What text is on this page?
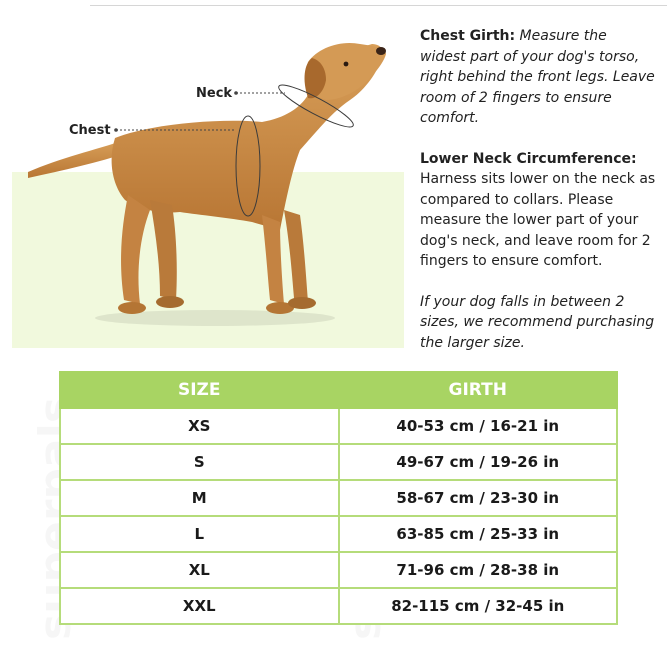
Neck
Chest

Chest Girth: Measure the widest part of your dog's torso, right behind the front legs. Leave room of 2 fingers to ensure comfort.

Lower Neck Circumference:
Harness sits lower on the neck as compared to collars. Please measure the lower part of your dog's neck, and leave room for 2 fingers to ensure comfort.

If your dog falls in between 2 sizes, we recommend purchasing the larger size.

SIZE	GIRTH
XS	40-53 cm / 16-21 in
S	49-67 cm / 19-26 in
M	58-67 cm / 23-30 in
L	63-85 cm / 25-33 in
XL	71-96 cm / 28-38 in
XXL	82-115 cm / 32-45 in
